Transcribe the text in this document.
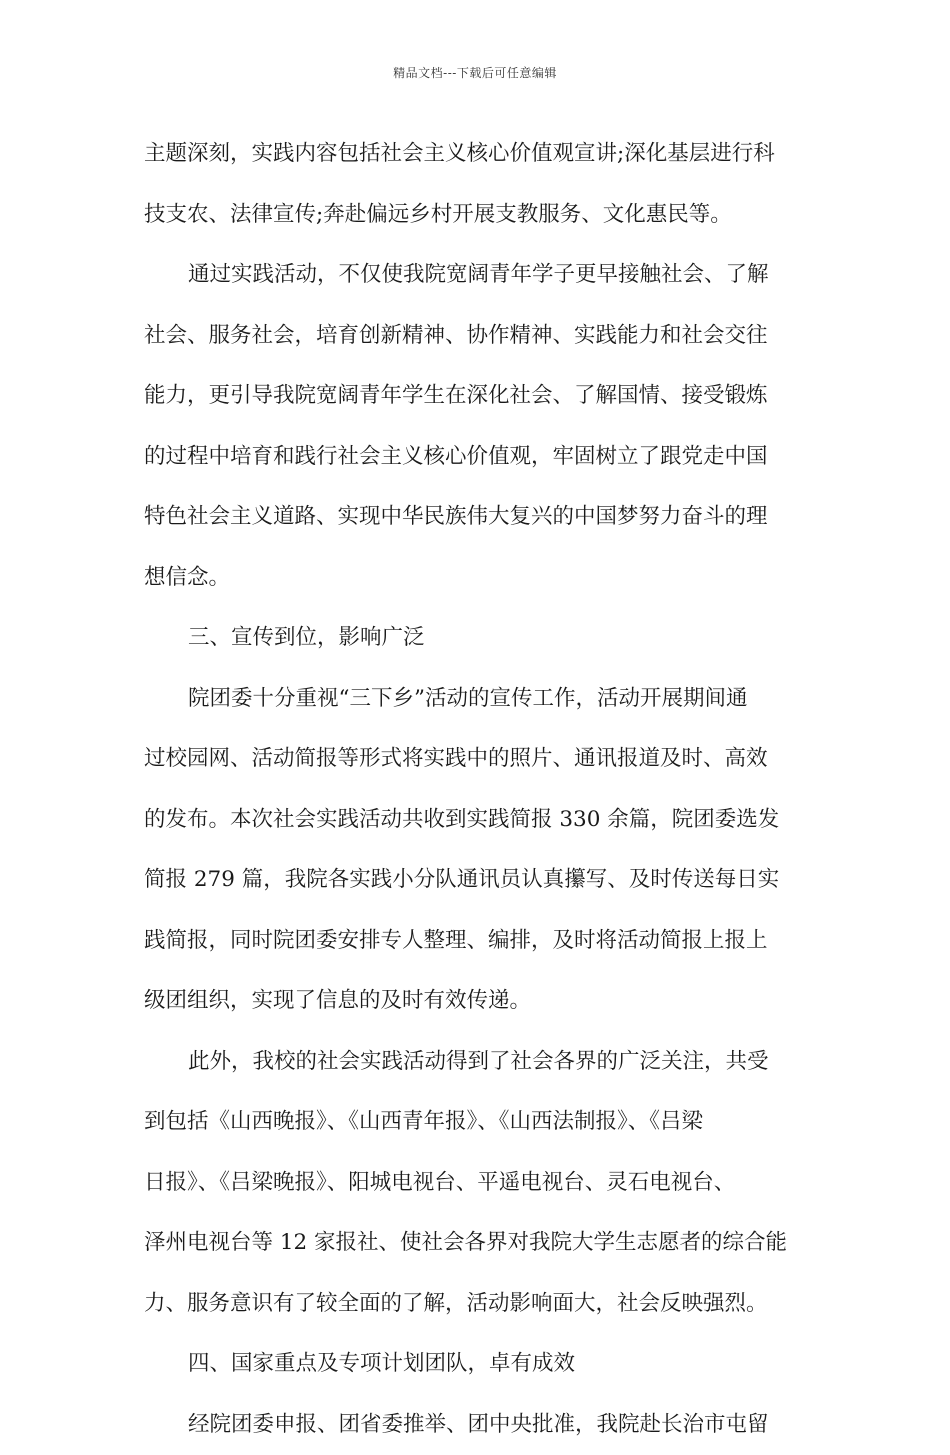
精品文档---下载后可任意编辑
主题深刻，实践内容包括社会主义核心价值观宣讲;深化基层进行科
技支农、法律宣传;奔赴偏远乡村开展支教服务、文化惠民等。
通过实践活动，不仅使我院宽阔青年学子更早接触社会、了解
社会、服务社会，培育创新精神、协作精神、实践能力和社会交往
能力，更引导我院宽阔青年学生在深化社会、了解国情、接受锻炼
的过程中培育和践行社会主义核心价值观，牢固树立了跟党走中国
特色社会主义道路、实现中华民族伟大复兴的中国梦努力奋斗的理
想信念。
三、宣传到位，影响广泛
院团委十分重视“三下乡”活动的宣传工作，活动开展期间通
过校园网、活动简报等形式将实践中的照片、通讯报道及时、高效
的发布。本次社会实践活动共收到实践简报 330 余篇，院团委选发
简报 279 篇，我院各实践小分队通讯员认真攥写、及时传送每日实
践简报，同时院团委安排专人整理、编排，及时将活动简报上报上
级团组织，实现了信息的及时有效传递。
此外，我校的社会实践活动得到了社会各界的广泛关注，共受
到包括《山西晚报》、《山西青年报》、《山西法制报》、《吕梁
日报》、《吕梁晚报》、阳城电视台、平遥电视台、灵石电视台、
泽州电视台等 12 家报社、使社会各界对我院大学生志愿者的综合能
力、服务意识有了较全面的了解，活动影响面大，社会反映强烈。
四、国家重点及专项计划团队，卓有成效
经院团委申报、团省委推举、团中央批准，我院赴长治市屯留
